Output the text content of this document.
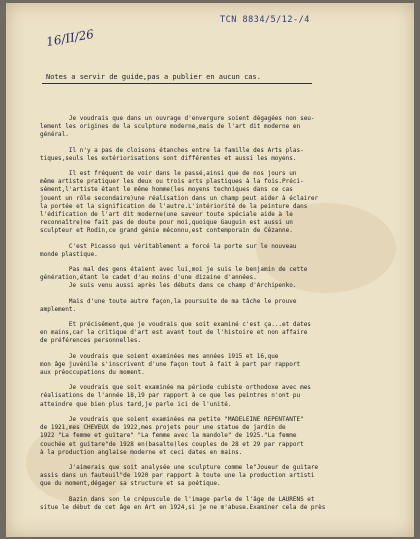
16/II/26
TCN 8834/5/12-/4
Notes a servir de guide,pas a publier en aucun cas.

Je voudrais que dans un ouvrage d'envergure soient dégagées non seu-

lement les origines de la sculpture moderne,mais de l'art dit moderne en

général.

Il n'y a pas de cloisons étanches entre la famille des Arts plas-

tiques,seuls les extériorisations sont différentes et aussi les moyens.

Il est fréquent de voir dans le passé,ainsi que de nos jours un

même artiste pratiquer les deux ou trois arts plastiques à la fois.Préci-

sément,l'artiste étant le même homme(les moyens techniques dans ce cas

jouent un rôle secondaire)une réalisation dans un champ peut aider à éclairer

la portée et la signification de l'autre.L'intériorité de la peinture dans

l'édification de l'art dit moderne(une saveur toute spéciale aide à le

reconnaître)ne fait pas de doute pour moi,quoique Gauguin est aussi un

sculpteur et Rodin,ce grand génie méconnu,est contemporain de Cézanne.

C'est Picasso qui véritablement a forcé la porte sur le nouveau

monde plastique.

Pas mal des gens étaient avec lui,moi je suis le benjamin de cette

génération,étant le cadet d'au moins d'une dizaine d'années.

Je suis venu aussi après les débuts dans ce champ d'Archipenko.

Mais d'une toute autre façon,la poursuite de ma tâche le prouve

amplement.

Et précisément,que je voudrais que soit examiné c'est ça...et dates

en mains,car la critique d'art est avant tout de l'histoire et non affaire

de préférences personnelles.

Je voudrais que soient examinées mes années 1915 et 16,que

mon âge juvénile s'inscrivent d'une façon tout à fait à part par rapport

aux préoccupations du moment.

Je voudrais que soit examinée ma période cubiste orthodoxe avec mes

réalisations de l'année 18,19 par rapport à ce que les peintres n'ont pu

atteindre que bien plus tard,je parle ici de l'unité.

Je voudrais que soient examinées ma petite "MADELEINE REPENTANTE"

de 1921,mes CHEVEUX de 1922,mes projets pour une statue de jardin de

1922 "La femme et guitare" "La femme avec la mandole" de 1925."La femme

couchée et guitare"de 1928 en(basalte)les couples de 28 et 29 par rapport

à la production anglaise moderne et ceci dates en mains.

J'aimerais que soit analysée une sculpture comme le"Joueur de guitare

assis dans un fauteuil"de 1920 par rapport à toute une la production artisti

que du moment,dégager sa structure et sa poétique.

Bazin dans son le crépuscule de l'image parle de l'âge de LAURENS et

situe le début de cet âge en Art en 1924,si je ne m'abuse.Examiner cela de près
